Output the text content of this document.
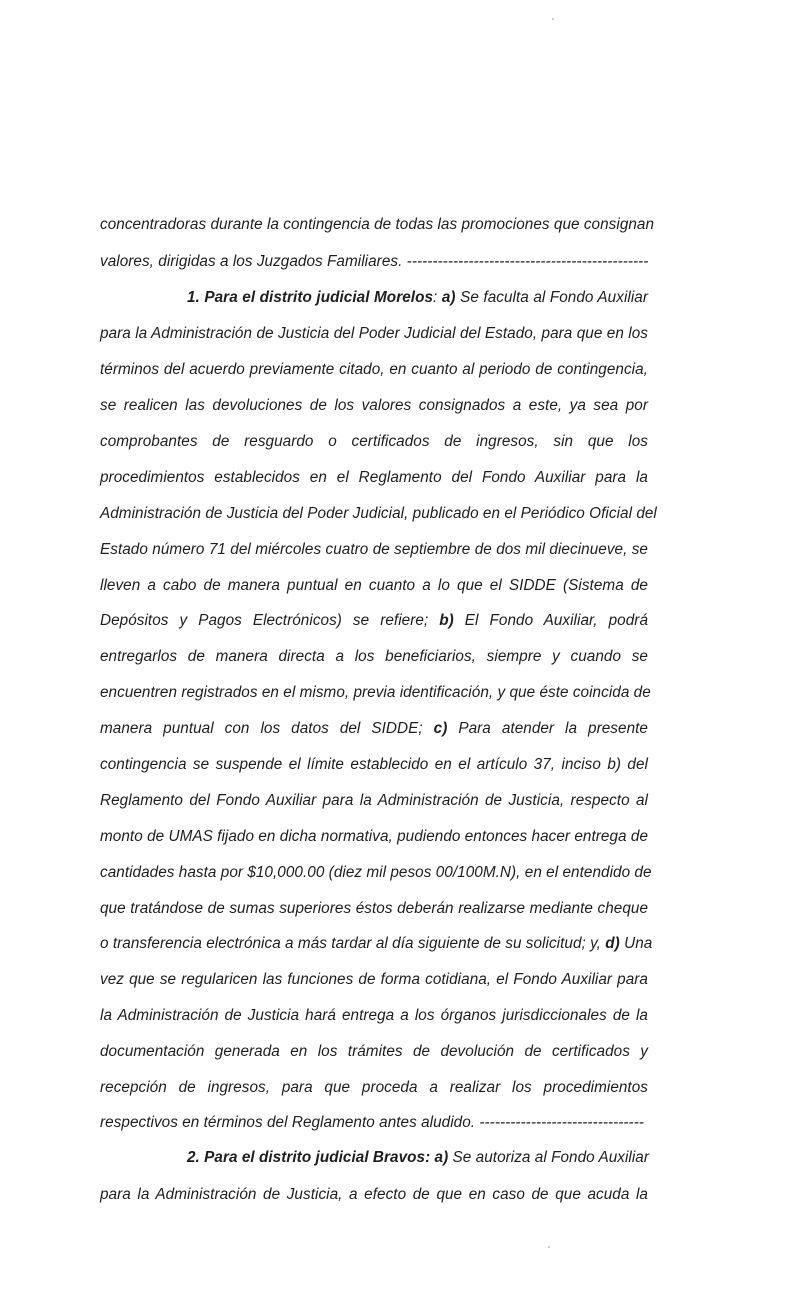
concentradoras durante la contingencia de todas las promociones que consignan
valores, dirigidas a los Juzgados Familiares. -----------------------------------------------
1. Para el distrito judicial Morelos: a) Se faculta al Fondo Auxiliar
para la Administración de Justicia del Poder Judicial del Estado, para que en los
términos del acuerdo previamente citado, en cuanto al periodo de contingencia,
se realicen las devoluciones de los valores consignados a este, ya sea por
comprobantes de resguardo o certificados de ingresos, sin que los
procedimientos establecidos en el Reglamento del Fondo Auxiliar para la
Administración de Justicia del Poder Judicial, publicado en el Periódico Oficial del
Estado número 71 del miércoles cuatro de septiembre de dos mil diecinueve, se
lleven a cabo de manera puntual en cuanto a lo que el SIDDE (Sistema de
Depósitos y Pagos Electrónicos) se refiere; b) El Fondo Auxiliar, podrá
entregarlos de manera directa a los beneficiarios, siempre y cuando se
encuentren registrados en el mismo, previa identificación, y que éste coincida de
manera puntual con los datos del SIDDE; c) Para atender la presente
contingencia se suspende el límite establecido en el artículo 37, inciso b) del
Reglamento del Fondo Auxiliar para la Administración de Justicia, respecto al
monto de UMAS fijado en dicha normativa, pudiendo entonces hacer entrega de
cantidades hasta por $10,000.00 (diez mil pesos 00/100M.N), en el entendido de
que tratándose de sumas superiores éstos deberán realizarse mediante cheque
o transferencia electrónica a más tardar al día siguiente de su solicitud; y, d) Una
vez que se regularicen las funciones de forma cotidiana, el Fondo Auxiliar para
la Administración de Justicia hará entrega a los órganos jurisdiccionales de la
documentación generada en los trámites de devolución de certificados y
recepción de ingresos, para que proceda a realizar los procedimientos
respectivos en términos del Reglamento antes aludido. --------------------------------
2. Para el distrito judicial Bravos: a) Se autoriza al Fondo Auxiliar
para la Administración de Justicia, a efecto de que en caso de que acuda la
